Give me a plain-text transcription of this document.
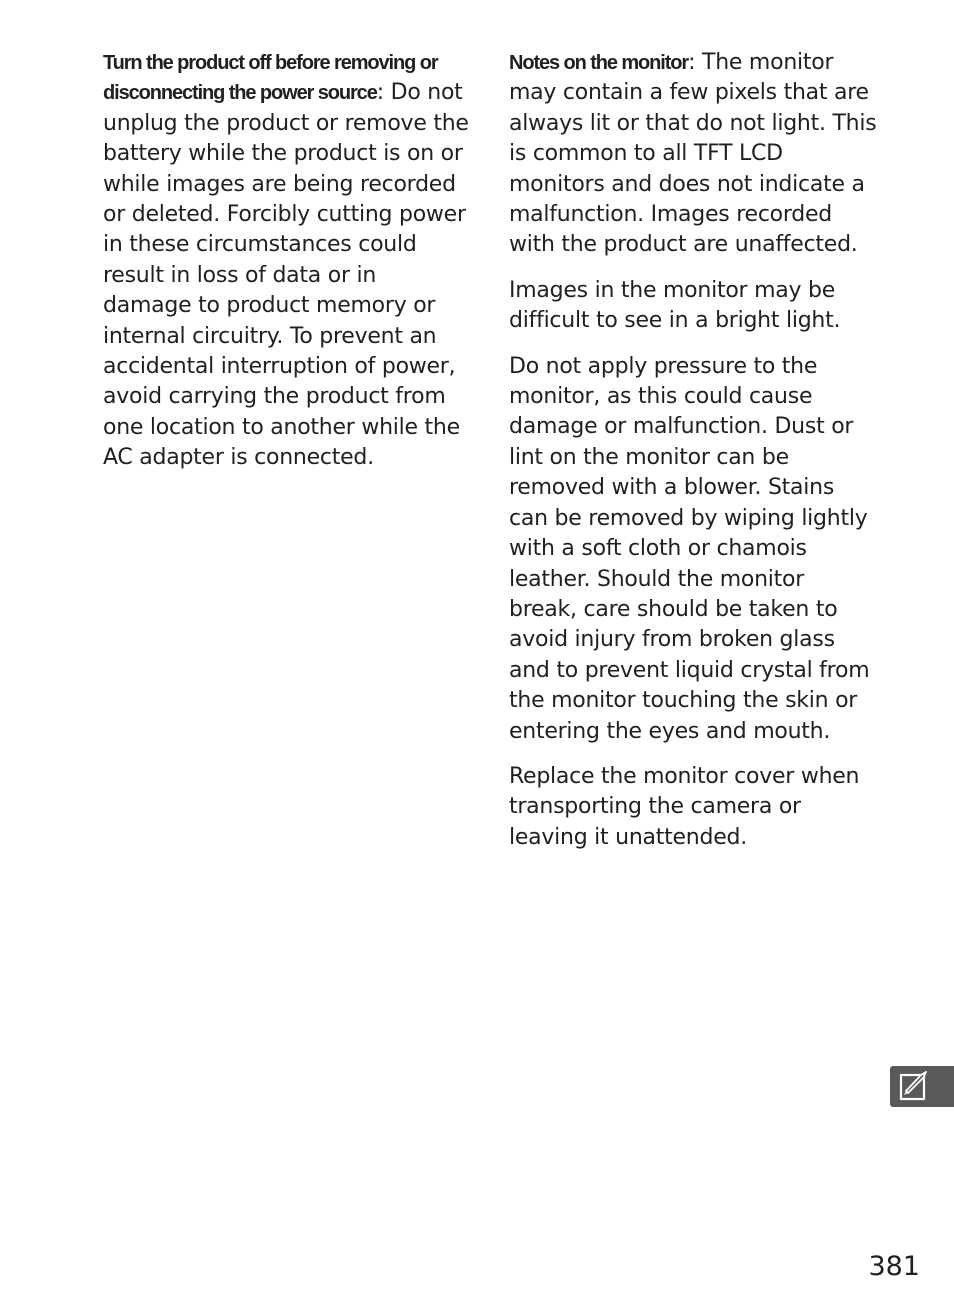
Turn the product off before removing or disconnecting the power source: Do not unplug the product or remove the battery while the product is on or while images are being recorded or deleted. Forcibly cutting power in these circumstances could result in loss of data or in damage to product memory or internal circuitry. To prevent an accidental interruption of power, avoid carrying the product from one location to another while the AC adapter is connected.

Notes on the monitor: The monitor may contain a few pixels that are always lit or that do not light. This is common to all TFT LCD monitors and does not indicate a malfunction. Images recorded with the product are unaffected.

Images in the monitor may be difficult to see in a bright light.

Do not apply pressure to the monitor, as this could cause damage or malfunction. Dust or lint on the monitor can be removed with a blower. Stains can be removed by wiping lightly with a soft cloth or chamois leather. Should the monitor break, care should be taken to avoid injury from broken glass and to prevent liquid crystal from the monitor touching the skin or entering the eyes and mouth.

Replace the monitor cover when transporting the camera or leaving it unattended.

381
